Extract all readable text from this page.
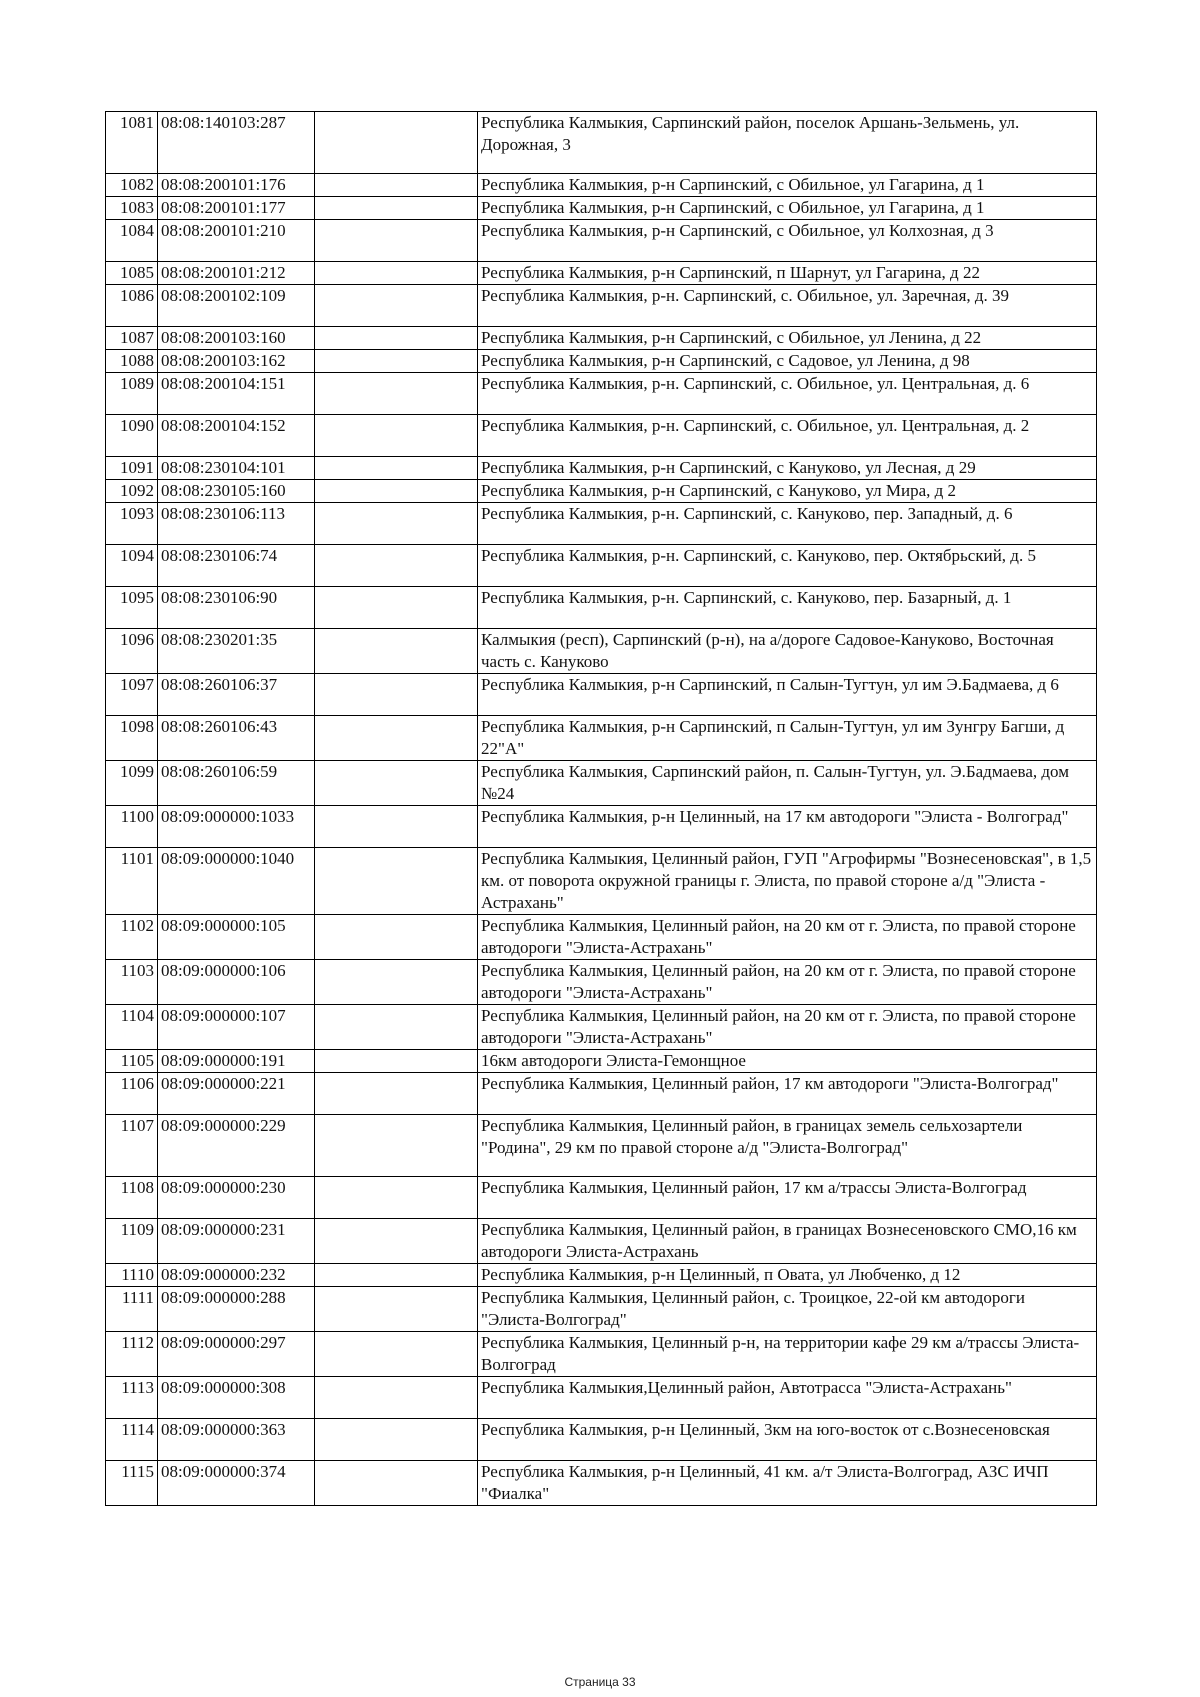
1081	08:08:140103:287		Республика Калмыкия, Сарпинский район, поселок Аршань-Зельмень, ул. Дорожная, 3
1082	08:08:200101:176		Республика Калмыкия, р-н Сарпинский, с Обильное, ул Гагарина, д 1
1083	08:08:200101:177		Республика Калмыкия, р-н Сарпинский, с Обильное, ул Гагарина, д 1
1084	08:08:200101:210		Республика Калмыкия, р-н Сарпинский, с Обильное, ул Колхозная, д 3
1085	08:08:200101:212		Республика Калмыкия, р-н Сарпинский, п Шарнут, ул Гагарина, д 22
1086	08:08:200102:109		Республика Калмыкия, р-н. Сарпинский, с. Обильное, ул. Заречная, д. 39
1087	08:08:200103:160		Республика Калмыкия, р-н Сарпинский, с Обильное, ул Ленина, д 22
1088	08:08:200103:162		Республика Калмыкия, р-н Сарпинский, с Садовое, ул Ленина, д 98
1089	08:08:200104:151		Республика Калмыкия, р-н. Сарпинский, с. Обильное, ул. Центральная, д. 6
1090	08:08:200104:152		Республика Калмыкия, р-н. Сарпинский, с. Обильное, ул. Центральная, д. 2
1091	08:08:230104:101		Республика Калмыкия, р-н Сарпинский, с Кануково, ул Лесная, д 29
1092	08:08:230105:160		Республика Калмыкия, р-н Сарпинский, с Кануково, ул Мира, д 2
1093	08:08:230106:113		Республика Калмыкия, р-н. Сарпинский, с. Кануково, пер. Западный, д. 6
1094	08:08:230106:74		Республика Калмыкия, р-н. Сарпинский, с. Кануково, пер. Октябрьский, д. 5
1095	08:08:230106:90		Республика Калмыкия, р-н. Сарпинский, с. Кануково, пер. Базарный, д. 1
1096	08:08:230201:35		Калмыкия (респ), Сарпинский (р-н), на а/дороге Садовое-Кануково, Восточная часть с. Кануково
1097	08:08:260106:37		Республика Калмыкия, р-н Сарпинский, п Салын-Тугтун, ул им Э.Бадмаева, д 6
1098	08:08:260106:43		Республика Калмыкия, р-н Сарпинский, п Салын-Тугтун, ул им Зунгру Багши, д 22"А"
1099	08:08:260106:59		Республика Калмыкия, Сарпинский район, п. Салын-Тугтун, ул. Э.Бадмаева, дом №24
1100	08:09:000000:1033		Республика Калмыкия, р-н Целинный, на 17 км автодороги "Элиста - Волгоград"
1101	08:09:000000:1040		Республика Калмыкия, Целинный район, ГУП "Агрофирмы "Вознесеновская", в 1,5 км. от поворота окружной границы г. Элиста, по правой стороне а/д "Элиста - Астрахань"
1102	08:09:000000:105		Республика Калмыкия, Целинный район, на 20 км от г. Элиста, по правой стороне автодороги "Элиста-Астрахань"
1103	08:09:000000:106		Республика Калмыкия, Целинный район, на 20 км от г. Элиста, по правой стороне автодороги "Элиста-Астрахань"
1104	08:09:000000:107		Республика Калмыкия, Целинный район, на 20 км от г. Элиста, по правой стороне автодороги "Элиста-Астрахань"
1105	08:09:000000:191		16км автодороги Элиста-Гемонщное
1106	08:09:000000:221		Республика Калмыкия, Целинный район, 17 км автодороги "Элиста-Волгоград"
1107	08:09:000000:229		Республика Калмыкия, Целинный район, в границах земель сельхозартели "Родина", 29 км по правой стороне а/д "Элиста-Волгоград"
1108	08:09:000000:230		Республика Калмыкия, Целинный район, 17 км а/трассы Элиста-Волгоград
1109	08:09:000000:231		Республика Калмыкия, Целинный район, в границах Вознесеновского СМО,16 км автодороги Элиста-Астрахань
1110	08:09:000000:232		Республика Калмыкия, р-н Целинный, п Овата, ул Любченко, д 12
1111	08:09:000000:288		Республика Калмыкия, Целинный район, с. Троицкое, 22-ой км автодороги "Элиста-Волгоград"
1112	08:09:000000:297		Республика Калмыкия, Целинный р-н, на территории кафе 29 км а/трассы Элиста-Волгоград
1113	08:09:000000:308		Республика Калмыкия,Целинный район, Автотрасса "Элиста-Астрахань"
1114	08:09:000000:363		Республика Калмыкия, р-н Целинный, 3км на юго-восток от с.Вознесеновская
1115	08:09:000000:374		Республика Калмыкия, р-н Целинный, 41 км. а/т Элиста-Волгоград, АЗС ИЧП "Фиалка"
Страница 33
